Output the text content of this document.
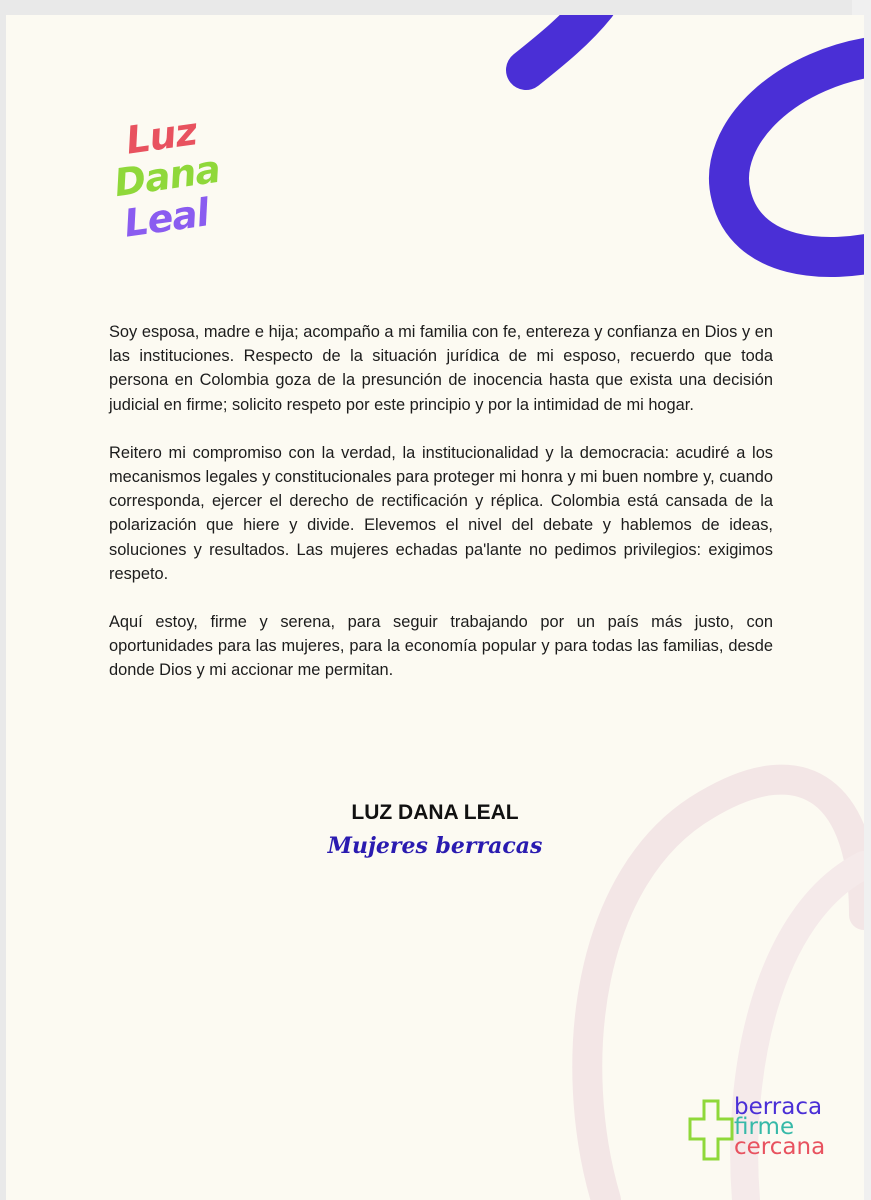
Luz
Dana
Leal

Soy esposa, madre e hija; acompaño a mi familia con fe, entereza y confianza en Dios y en las instituciones. Respecto de la situación jurídica de mi esposo, recuerdo que toda persona en Colombia goza de la presunción de inocencia hasta que exista una decisión judicial en firme; solicito respeto por este principio y por la intimidad de mi hogar.

Reitero mi compromiso con la verdad, la institucionalidad y la democracia: acudiré a los mecanismos legales y constitucionales para proteger mi honra y mi buen nombre y, cuando corresponda, ejercer el derecho de rectificación y réplica. Colombia está cansada de la polarización que hiere y divide. Elevemos el nivel del debate y hablemos de ideas, soluciones y resultados. Las mujeres echadas pa'lante no pedimos privilegios: exigimos respeto.

Aquí estoy, firme y serena, para seguir trabajando por un país más justo, con oportunidades para las mujeres, para la economía popular y para todas las familias, desde donde Dios y mi accionar me permitan.

LUZ DANA LEAL
Mujeres berracas
berraca
firme
cercana
